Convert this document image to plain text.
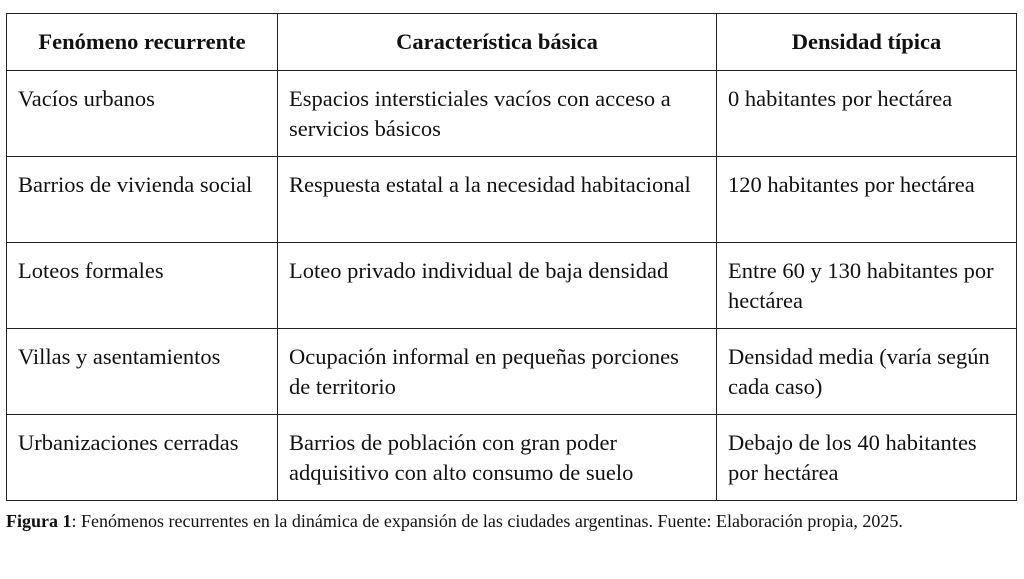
Fenómeno recurrente	Característica básica	Densidad típica
Vacíos urbanos	Espacios intersticiales vacíos con acceso a servicios básicos	0 habitantes por hectárea
Barrios de vivienda social	Respuesta estatal a la necesidad habitacional	120 habitantes por hectárea
Loteos formales	Loteo privado individual de baja densidad	Entre 60 y 130 habitantes por hectárea
Villas y asentamientos	Ocupación informal en pequeñas porciones de territorio	Densidad media (varía según cada caso)
Urbanizaciones cerradas	Barrios de población con gran poder adquisitivo con alto consumo de suelo	Debajo de los 40 habitantes por hectárea
Figura 1: Fenómenos recurrentes en la dinámica de expansión de las ciudades argentinas. Fuente: Elaboración propia, 2025.
